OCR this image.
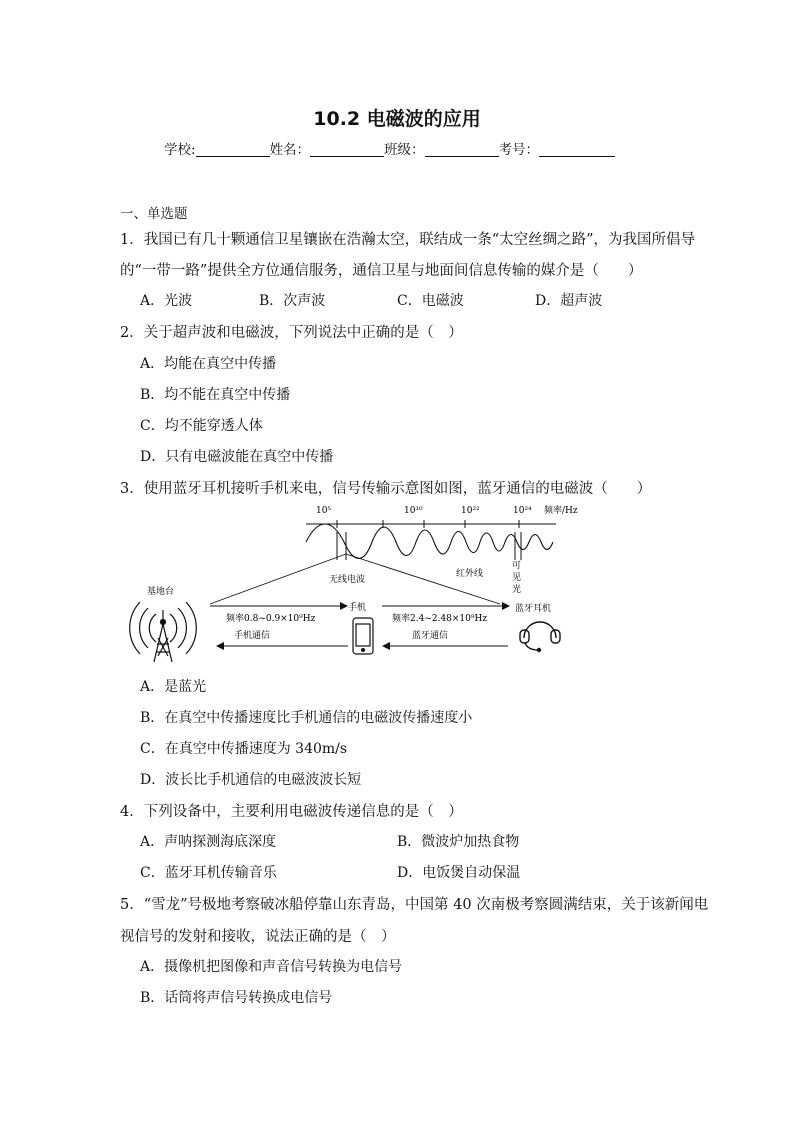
10.2 电磁波的应用
学校:	姓名：	班级：	考号：
一、单选题
1．我国已有几十颗通信卫星镶嵌在浩瀚太空，联结成一条“太空丝绸之路”，为我国所倡导
的“一带一路”提供全方位通信服务，通信卫星与地面间信息传输的媒介是（　　）
A．光波	B．次声波	C．电磁波	D．超声波
2．关于超声波和电磁波，下列说法中正确的是（　）
A．均能在真空中传播
B．均不能在真空中传播
C．均不能穿透人体
D．只有电磁波能在真空中传播
3．使用蓝牙耳机接听手机来电，信号传输示意图如图，蓝牙通信的电磁波（　　）
10⁵	10¹⁰	10²²	10²⁴ 频率/Hz
无线电波
红外线
可
见
光
基地台
频率0.8~0.9×10⁹Hz
手机通信
手机
频率2.4~2.48×10⁹Hz
蓝牙通信
蓝牙耳机
A．是蓝光
B．在真空中传播速度比手机通信的电磁波传播速度小
C．在真空中传播速度为 340m/s
D．波长比手机通信的电磁波波长短
4．下列设备中，主要利用电磁波传递信息的是（　）
A．声呐探测海底深度	B．微波炉加热食物
C．蓝牙耳机传输音乐	D．电饭煲自动保温
5．“雪龙”号极地考察破冰船停靠山东青岛，中国第 40 次南极考察圆满结束，关于该新闻电
视信号的发射和接收，说法正确的是（　）
A．摄像机把图像和声音信号转换为电信号
B．话筒将声信号转换成电信号
